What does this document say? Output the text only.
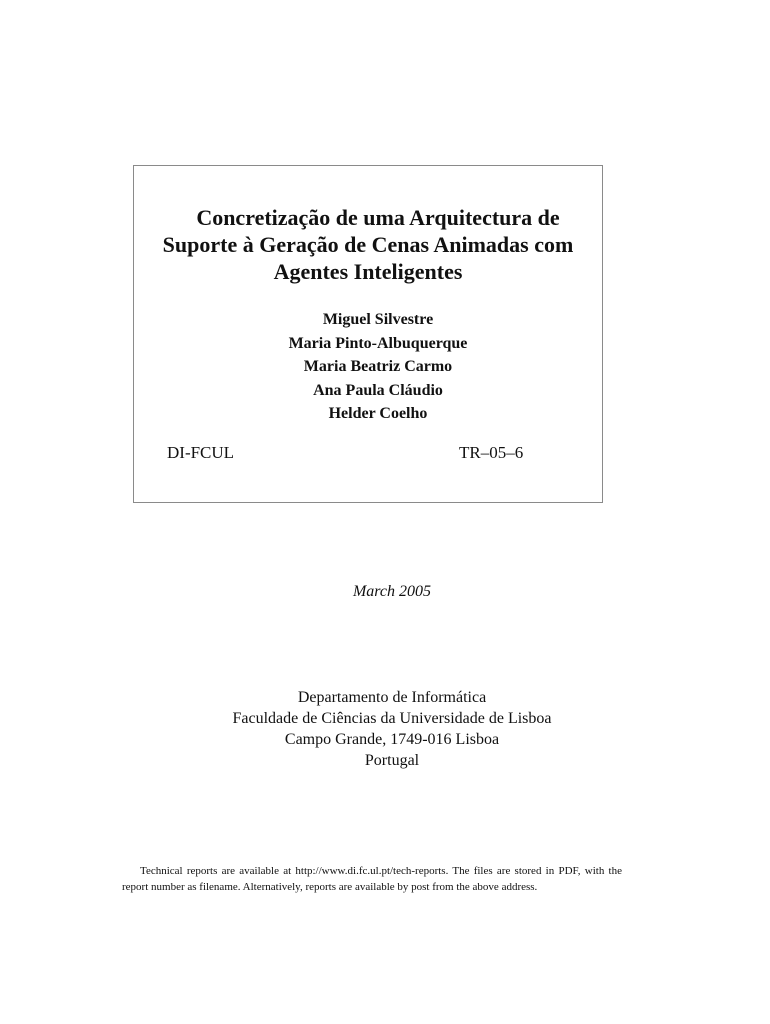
Concretização de uma Arquitectura de
Suporte à Geração de Cenas Animadas com
Agentes Inteligentes
Miguel Silvestre
Maria Pinto-Albuquerque
Maria Beatriz Carmo
Ana Paula Cláudio
Helder Coelho
DI-FCUL	TR–05–6
March 2005
Departamento de Informática
Faculdade de Ciências da Universidade de Lisboa
Campo Grande, 1749-016 Lisboa
Portugal

Technical reports are available at http://www.di.fc.ul.pt/tech-reports. The files are stored in PDF, with the report number as filename. Alternatively, reports are available by post from the above address.
